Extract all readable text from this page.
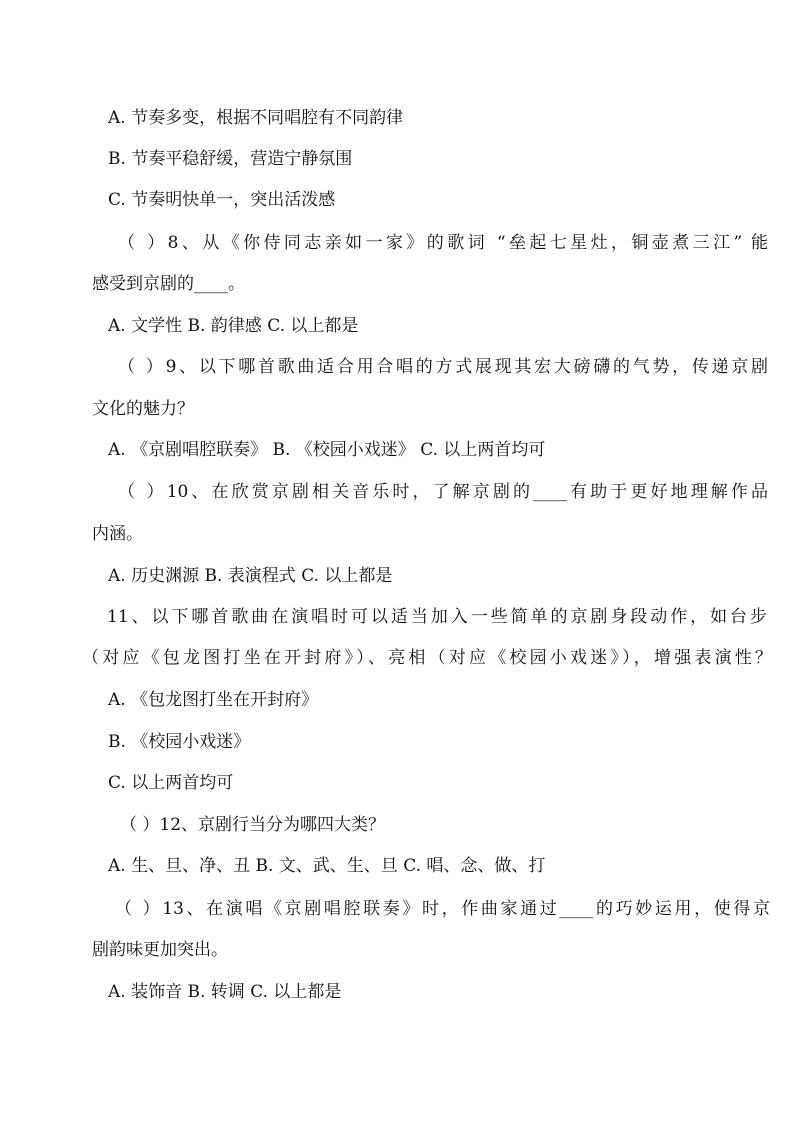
A. 节奏多变，根据不同唱腔有不同韵律
B. 节奏平稳舒缓，营造宁静氛围
C. 节奏明快单一，突出活泼感
（ ）8、从《你侍同志亲如一家》的歌词 “垒起七星灶，铜壶煮三江” 能
感受到京剧的____。
A. 文学性 B. 韵律感 C. 以上都是
（ ）9、以下哪首歌曲适合用合唱的方式展现其宏大磅礴的气势，传递京剧
文化的魅力？
A. 《京剧唱腔联奏》 B. 《校园小戏迷》 C. 以上两首均可
（ ）10、在欣赏京剧相关音乐时，了解京剧的____有助于更好地理解作品
内涵。
A. 历史渊源 B. 表演程式 C. 以上都是
11、以下哪首歌曲在演唱时可以适当加入一些简单的京剧身段动作，如台步
（对应《包龙图打坐在开封府》）、亮相（对应《校园小戏迷》），增强表演性？
A. 《包龙图打坐在开封府》
B. 《校园小戏迷》
C. 以上两首均可
（ ）12、京剧行当分为哪四大类？
A. 生、旦、净、丑 B. 文、武、生、旦 C. 唱、念、做、打
（ ）13、在演唱《京剧唱腔联奏》时，作曲家通过____的巧妙运用，使得京
剧韵味更加突出。
A. 装饰音 B. 转调 C. 以上都是
